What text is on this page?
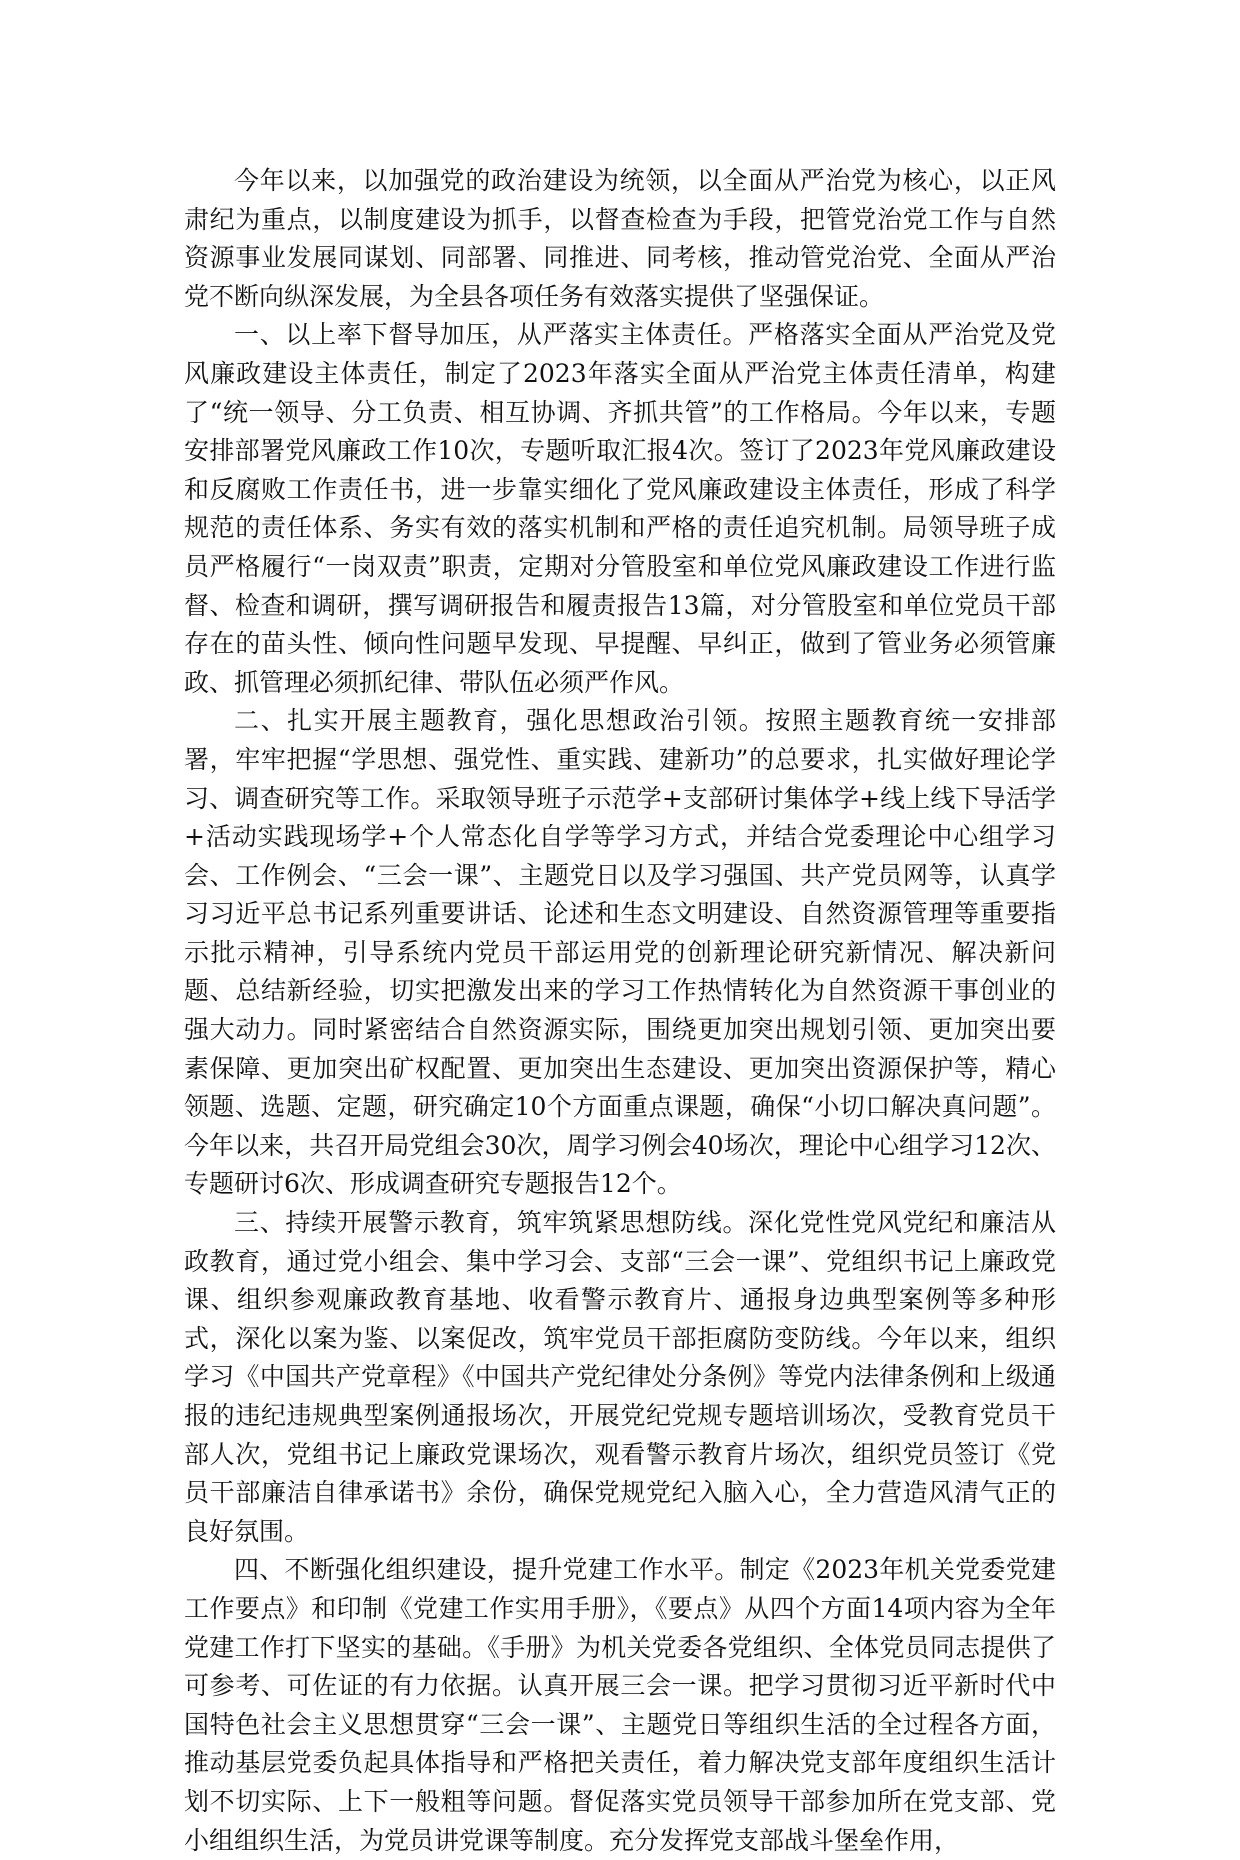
今年以来，以加强党的政治建设为统领，以全面从严治党为核心，以正风肃纪为重点，以制度建设为抓手，以督查检查为手段，把管党治党工作与自然资源事业发展同谋划、同部署、同推进、同考核，推动管党治党、全面从严治党不断向纵深发展，为全县各项任务有效落实提供了坚强保证。

一、以上率下督导加压，从严落实主体责任。严格落实全面从严治党及党风廉政建设主体责任，制定了2023年落实全面从严治党主体责任清单，构建了“统一领导、分工负责、相互协调、齐抓共管”的工作格局。今年以来，专题安排部署党风廉政工作10次，专题听取汇报4次。签订了2023年党风廉政建设和反腐败工作责任书，进一步靠实细化了党风廉政建设主体责任，形成了科学规范的责任体系、务实有效的落实机制和严格的责任追究机制。局领导班子成员严格履行“一岗双责”职责，定期对分管股室和单位党风廉政建设工作进行监督、检查和调研，撰写调研报告和履责报告13篇，对分管股室和单位党员干部存在的苗头性、倾向性问题早发现、早提醒、早纠正，做到了管业务必须管廉政、抓管理必须抓纪律、带队伍必须严作风。

二、扎实开展主题教育，强化思想政治引领。按照主题教育统一安排部署，牢牢把握“学思想、强党性、重实践、建新功”的总要求，扎实做好理论学习、调查研究等工作。采取领导班子示范学+支部研讨集体学+线上线下导活学+活动实践现场学+个人常态化自学等学习方式，并结合党委理论中心组学习会、工作例会、“三会一课”、主题党日以及学习强国、共产党员网等，认真学习习近平总书记系列重要讲话、论述和生态文明建设、自然资源管理等重要指示批示精神，引导系统内党员干部运用党的创新理论研究新情况、解决新问题、总结新经验，切实把激发出来的学习工作热情转化为自然资源干事创业的强大动力。同时紧密结合自然资源实际，围绕更加突出规划引领、更加突出要素保障、更加突出矿权配置、更加突出生态建设、更加突出资源保护等，精心领题、选题、定题，研究确定10个方面重点课题，确保“小切口解决真问题”。今年以来，共召开局党组会30次，周学习例会40场次，理论中心组学习12次、专题研讨6次、形成调查研究专题报告12个。

三、持续开展警示教育，筑牢筑紧思想防线。深化党性党风党纪和廉洁从政教育，通过党小组会、集中学习会、支部“三会一课”、党组织书记上廉政党课、组织参观廉政教育基地、收看警示教育片、通报身边典型案例等多种形式，深化以案为鉴、以案促改，筑牢党员干部拒腐防变防线。今年以来，组织学习《中国共产党章程》《中国共产党纪律处分条例》等党内法律条例和上级通报的违纪违规典型案例通报场次，开展党纪党规专题培训场次，受教育党员干部人次，党组书记上廉政党课场次，观看警示教育片场次，组织党员签订《党员干部廉洁自律承诺书》余份，确保党规党纪入脑入心，全力营造风清气正的良好氛围。

四、不断强化组织建设，提升党建工作水平。制定《2023年机关党委党建工作要点》和印制《党建工作实用手册》，《要点》从四个方面14项内容为全年党建工作打下坚实的基础。《手册》为机关党委各党组织、全体党员同志提供了可参考、可佐证的有力依据。认真开展三会一课。把学习贯彻习近平新时代中国特色社会主义思想贯穿“三会一课”、主题党日等组织生活的全过程各方面，推动基层党委负起具体指导和严格把关责任，着力解决党支部年度组织生活计划不切实际、上下一般粗等问题。督促落实党员领导干部参加所在党支部、党小组组织生活，为党员讲党课等制度。充分发挥党支部战斗堡垒作用，
